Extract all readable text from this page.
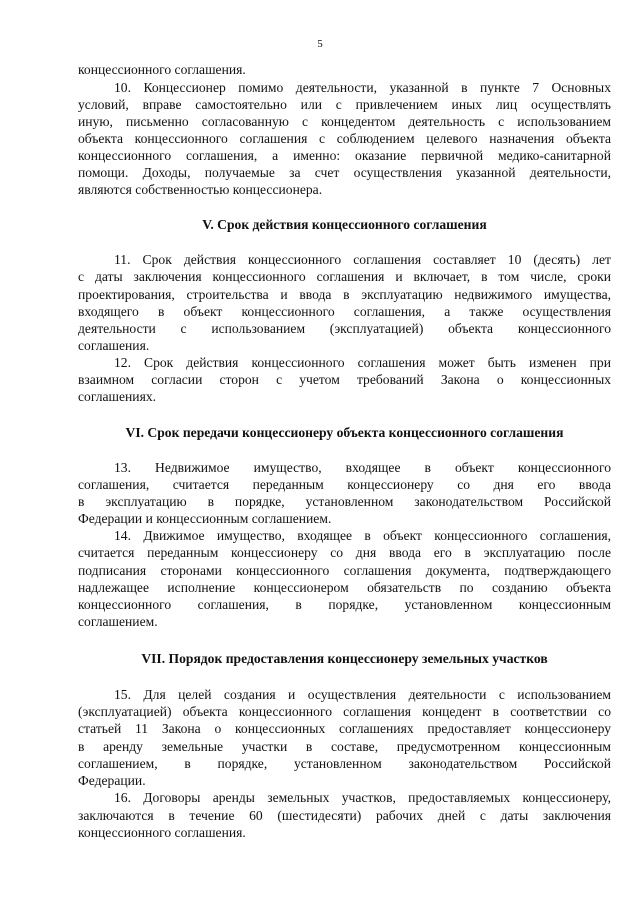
5
концессионного соглашения.
10. Концессионер помимо деятельности, указанной в пункте 7 Основных
условий, вправе самостоятельно или с привлечением иных лиц осуществлять
иную, письменно согласованную с концедентом деятельность с использованием
объекта концессионного соглашения с соблюдением целевого назначения объекта
концессионного соглашения, а именно: оказание первичной медико-санитарной
помощи. Доходы, получаемые за счет осуществления указанной деятельности,
являются собственностью концессионера.
V. Срок действия концессионного соглашения
11. Срок действия концессионного соглашения составляет 10 (десять) лет
с даты заключения концессионного соглашения и включает, в том числе, сроки
проектирования, строительства и ввода в эксплуатацию недвижимого имущества,
входящего в объект концессионного соглашения, а также осуществления
деятельности с использованием (эксплуатацией) объекта концессионного
соглашения.
12. Срок действия концессионного соглашения может быть изменен при
взаимном согласии сторон с учетом требований Закона о концессионных
соглашениях.
VI. Срок передачи концессионеру объекта концессионного соглашения
13. Недвижимое имущество, входящее в объект концессионного
соглашения, считается переданным концессионеру со дня его ввода
в эксплуатацию в порядке, установленном законодательством Российской
Федерации и концессионным соглашением.
14. Движимое имущество, входящее в объект концессионного соглашения,
считается переданным концессионеру со дня ввода его в эксплуатацию после
подписания сторонами концессионного соглашения документа, подтверждающего
надлежащее исполнение концессионером обязательств по созданию объекта
концессионного соглашения, в порядке, установленном концессионным
соглашением.
VII. Порядок предоставления концессионеру земельных участков
15. Для целей создания и осуществления деятельности с использованием
(эксплуатацией) объекта концессионного соглашения концедент в соответствии со
статьей 11 Закона о концессионных соглашениях предоставляет концессионеру
в аренду земельные участки в составе, предусмотренном концессионным
соглашением, в порядке, установленном законодательством Российской
Федерации.
16. Договоры аренды земельных участков, предоставляемых концессионеру,
заключаются в течение 60 (шестидесяти) рабочих дней с даты заключения
концессионного соглашения.
